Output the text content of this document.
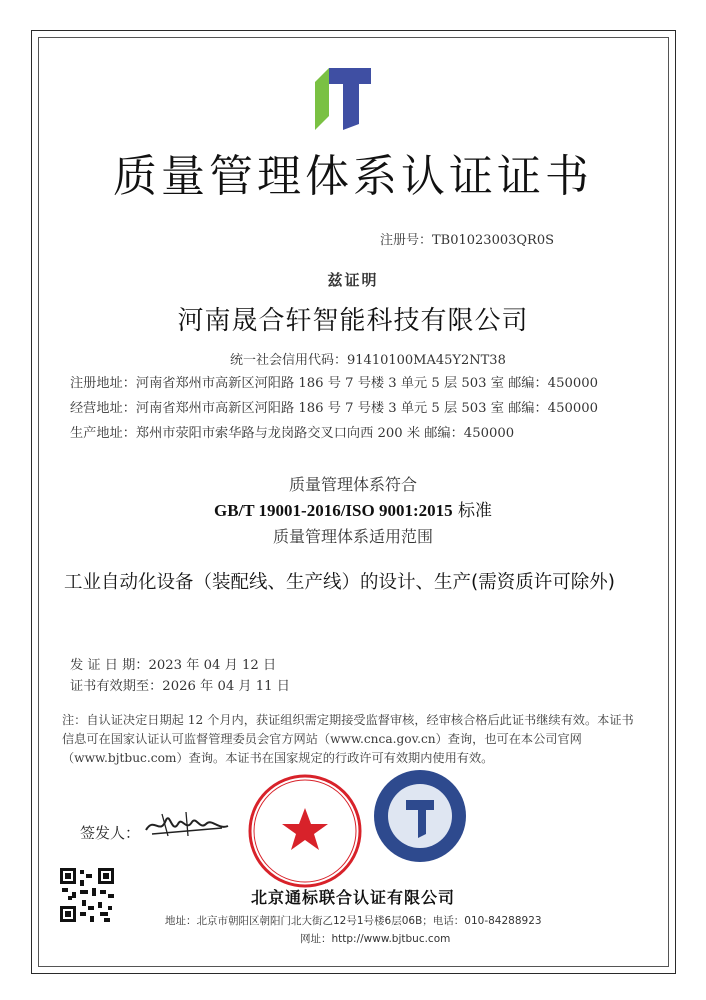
质量管理体系认证证书
注册号：TB01023003QR0S
兹证明
河南晟合轩智能科技有限公司
统一社会信用代码：91410100MA45Y2NT38
注册地址：河南省郑州市高新区河阳路 186 号 7 号楼 3 单元 5 层 503 室 邮编：450000
经营地址：河南省郑州市高新区河阳路 186 号 7 号楼 3 单元 5 层 503 室 邮编：450000
生产地址：郑州市荥阳市索华路与龙岗路交叉口向西 200 米 邮编：450000
质量管理体系符合
GB/T 19001-2016/ISO 9001:2015 标准
质量管理体系适用范围
工业自动化设备（装配线、生产线）的设计、生产(需资质许可除外)
发 证 日 期：2023 年 04 月 12 日
证书有效期至：2026 年 04 月 11 日
注：自认证决定日期起 12 个月内，获证组织需定期接受监督审核，经审核合格后此证书继续有效。本证书
信息可在国家认证认可监督管理委员会官方网站（www.cnca.gov.cn）查询，也可在本公司官网
（www.bjtbuc.com）查询。本证书在国家规定的行政许可有效期内使用有效。
签发人：
北京通标联合认证有限公司
地址：北京市朝阳区朝阳门北大街乙12号1号楼6层06B；电话：010-84288923
网址：http://www.bjtbuc.com
